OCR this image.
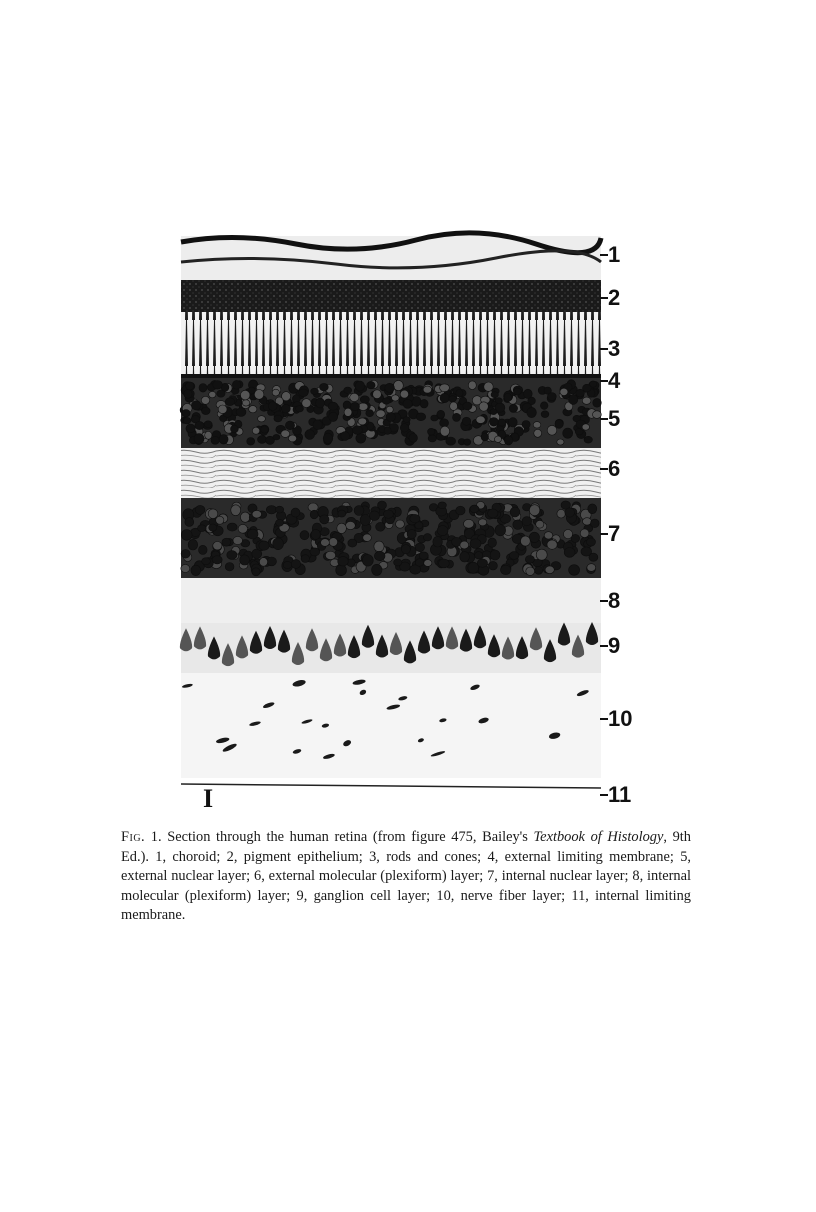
I
1
2
3
4
5
6
7
8
9
10
11
Fig. 1. Section through the human retina (from figure 475, Bailey's Textbook of Histology, 9th Ed.). 1, choroid; 2, pigment epithelium; 3, rods and cones; 4, external limiting membrane; 5, external nuclear layer; 6, external molecular (plexiform) layer; 7, internal nuclear layer; 8, internal molecular (plexiform) layer; 9, ganglion cell layer; 10, nerve fiber layer; 11, internal limiting membrane.
